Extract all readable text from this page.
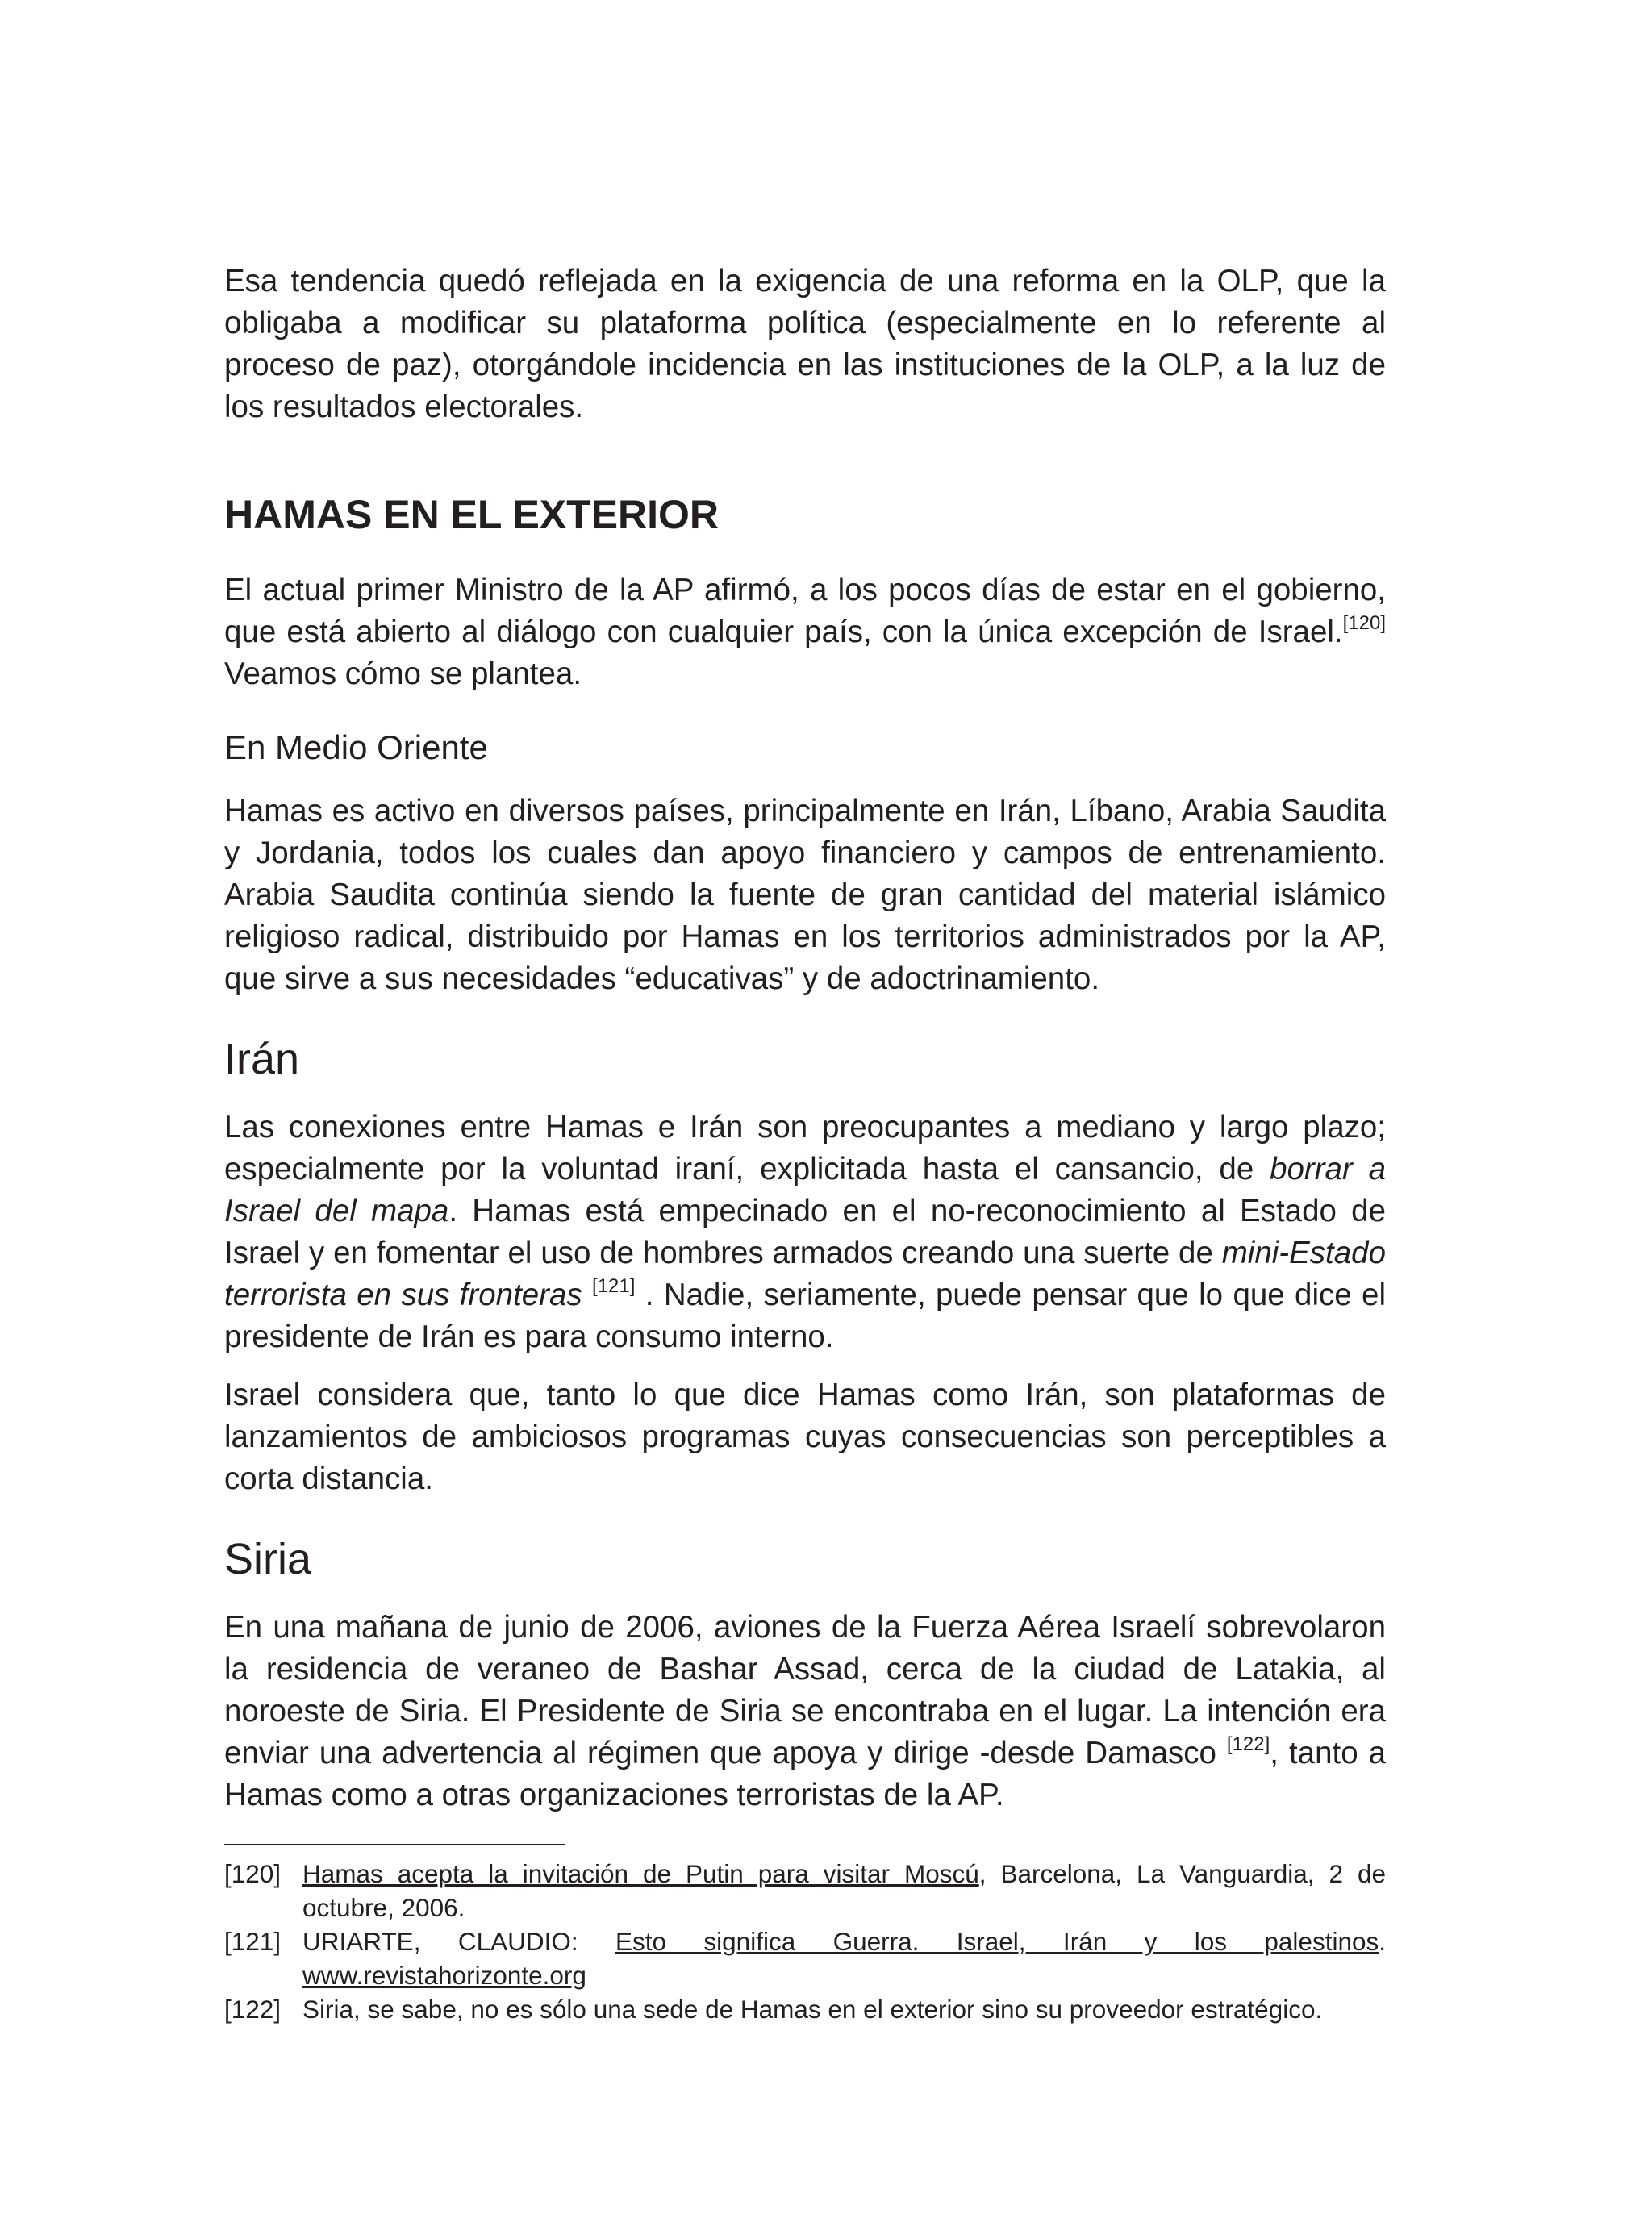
Esa tendencia quedó reflejada en la exigencia de una reforma en la OLP, que la obligaba a modificar su plataforma política (especialmente en lo referente al proceso de paz), otorgándole incidencia en las instituciones de la OLP, a la luz de los resultados electorales.

HAMAS EN EL EXTERIOR

El actual primer Ministro de la AP afirmó, a los pocos días de estar en el gobierno, que está abierto al diálogo con cualquier país, con la única excepción de Israel.[120] Veamos cómo se plantea.

En Medio Oriente

Hamas es activo en diversos países, principalmente en Irán, Líbano, Arabia Saudita y Jordania, todos los cuales dan apoyo financiero y campos de entrenamiento. Arabia Saudita continúa siendo la fuente de gran cantidad del material islámico religioso radical, distribuido por Hamas en los territorios administrados por la AP, que sirve a sus necesidades “educativas” y de adoctrinamiento.

Irán

Las conexiones entre Hamas e Irán son preocupantes a mediano y largo plazo; especialmente por la voluntad iraní, explicitada hasta el cansancio, de borrar a Israel del mapa. Hamas está empecinado en el no-reconocimiento al Estado de Israel y en fomentar el uso de hombres armados creando una suerte de mini-Estado terrorista en sus fronteras [121] . Nadie, seriamente, puede pensar que lo que dice el presidente de Irán es para consumo interno.

Israel considera que, tanto lo que dice Hamas como Irán, son plataformas de lanzamientos de ambiciosos programas cuyas consecuencias son perceptibles a corta distancia.

Siria

En una mañana de junio de 2006, aviones de la Fuerza Aérea Israelí sobrevolaron la residencia de veraneo de Bashar Assad, cerca de la ciudad de Latakia, al noroeste de Siria. El Presidente de Siria se encontraba en el lugar. La intención era enviar una advertencia al régimen que apoya y dirige -desde Damasco [122], tanto a Hamas como a otras organizaciones terroristas de la AP.

[120] Hamas acepta la invitación de Putin para visitar Moscú, Barcelona, La Vanguardia, 2 de octubre, 2006.
[121] URIARTE, CLAUDIO: Esto significa Guerra. Israel, Irán y los palestinos. www.revistahorizonte.org
[122] Siria, se sabe, no es sólo una sede de Hamas en el exterior sino su proveedor estratégico.
